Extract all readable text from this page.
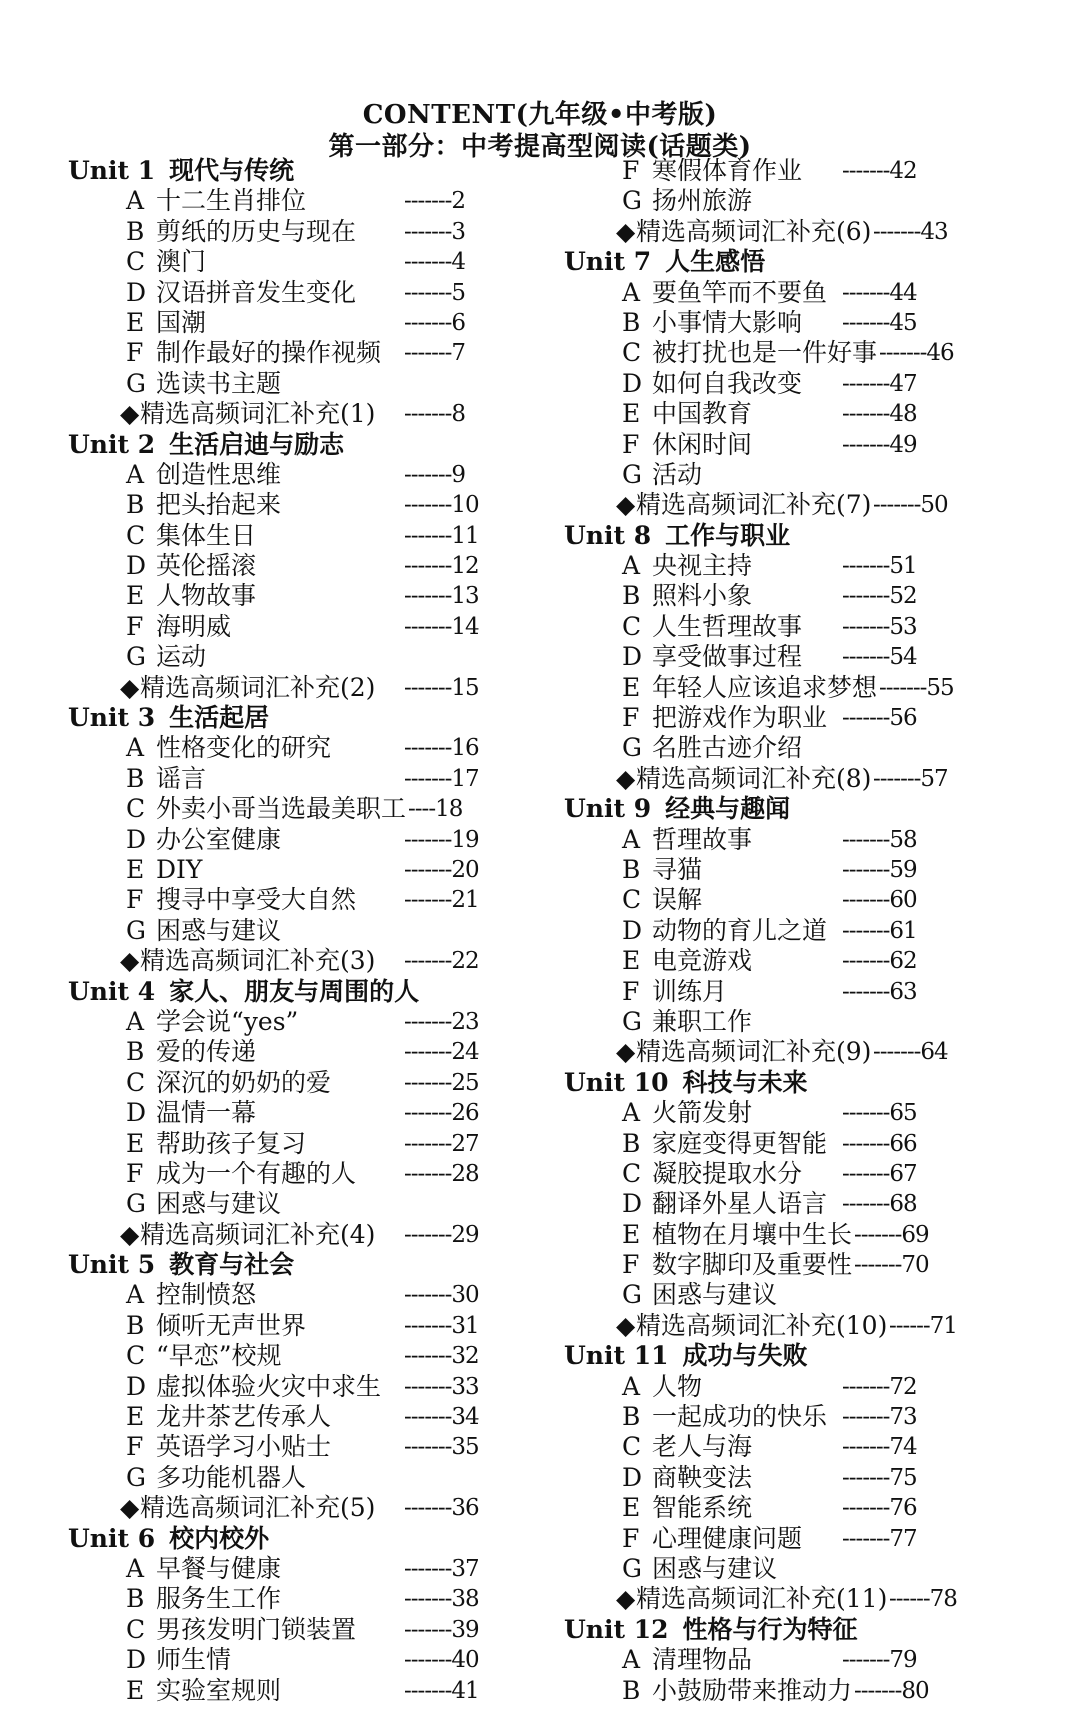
CONTENT(九年级•中考版)
第一部分：中考提高型阅读(话题类)
Unit 1 现代与传统
A 十二生肖排位	-------2
B 剪纸的历史与现在 -------3
C 澳门	-------4
D 汉语拼音发生变化 -------5
E 国潮	-------6
F 制作最好的操作视频 -------7
G 选读书主题
◆ 精选高频词汇补充(1) -------8
Unit 2 生活启迪与励志
A 创造性思维	-------9
B 把头抬起来	-------10
C 集体生日	-------11
D 英伦摇滚	-------12
E 人物故事	-------13
F 海明威	-------14
G 运动
◆ 精选高频词汇补充(2) -------15
Unit 3 生活起居
A 性格变化的研究	-------16
B 谣言	-------17
C 外卖小哥当选最美职工 ----18
D 办公室健康	-------19
E DIY	-------20
F 搜寻中享受大自然 -------21
G 困惑与建议
◆ 精选高频词汇补充(3) -------22
Unit 4 家人、朋友与周围的人
A 学会说“yes”	-------23
B 爱的传递	-------24
C 深沉的奶奶的爱	-------25
D 温情一幕	-------26
E 帮助孩子复习	-------27
F 成为一个有趣的人 -------28
G 困惑与建议
◆ 精选高频词汇补充(4) -------29
Unit 5 教育与社会
A 控制愤怒	-------30
B 倾听无声世界	-------31
C “早恋”校规	-------32
D 虚拟体验火灾中求生 -------33
E 龙井茶艺传承人	-------34
F 英语学习小贴士	-------35
G 多功能机器人
◆ 精选高频词汇补充(5) -------36
Unit 6 校内校外
A 早餐与健康	-------37
B 服务生工作	-------38
C 男孩发明门锁装置 -------39
D 师生情	-------40
E 实验室规则	-------41
F 寒假体育作业 -------42
G 扬州旅游
◆ 精选高频词汇补充(6) -------43
Unit 7 人生感悟
A 要鱼竿而不要鱼 -------44
B 小事情大影响 -------45
C 被打扰也是一件好事 -------46
D 如何自我改变 -------47
E 中国教育	-------48
F 休闲时间	-------49
G 活动
◆ 精选高频词汇补充(7) -------50
Unit 8 工作与职业
A 央视主持	-------51
B 照料小象	-------52
C 人生哲理故事 -------53
D 享受做事过程 -------54
E 年轻人应该追求梦想 -------55
F 把游戏作为职业 -------56
G 名胜古迹介绍
◆ 精选高频词汇补充(8) -------57
Unit 9 经典与趣闻
A 哲理故事	-------58
B 寻猫	-------59
C 误解	-------60
D 动物的育儿之道 -------61
E 电竞游戏	-------62
F 训练月	-------63
G 兼职工作
◆ 精选高频词汇补充(9) -------64
Unit 10 科技与未来
A 火箭发射	-------65
B 家庭变得更智能 -------66
C 凝胶提取水分 -------67
D 翻译外星人语言 -------68
E 植物在月壤中生长 -------69
F 数字脚印及重要性 -------70
G 困惑与建议
◆ 精选高频词汇补充(10) ------71
Unit 11 成功与失败
A 人物	-------72
B 一起成功的快乐 -------73
C 老人与海	-------74
D 商鞅变法	-------75
E 智能系统	-------76
F 心理健康问题 -------77
G 困惑与建议
◆ 精选高频词汇补充(11) ------78
Unit 12 性格与行为特征
A 清理物品	-------79
B 小鼓励带来推动力 -------80
